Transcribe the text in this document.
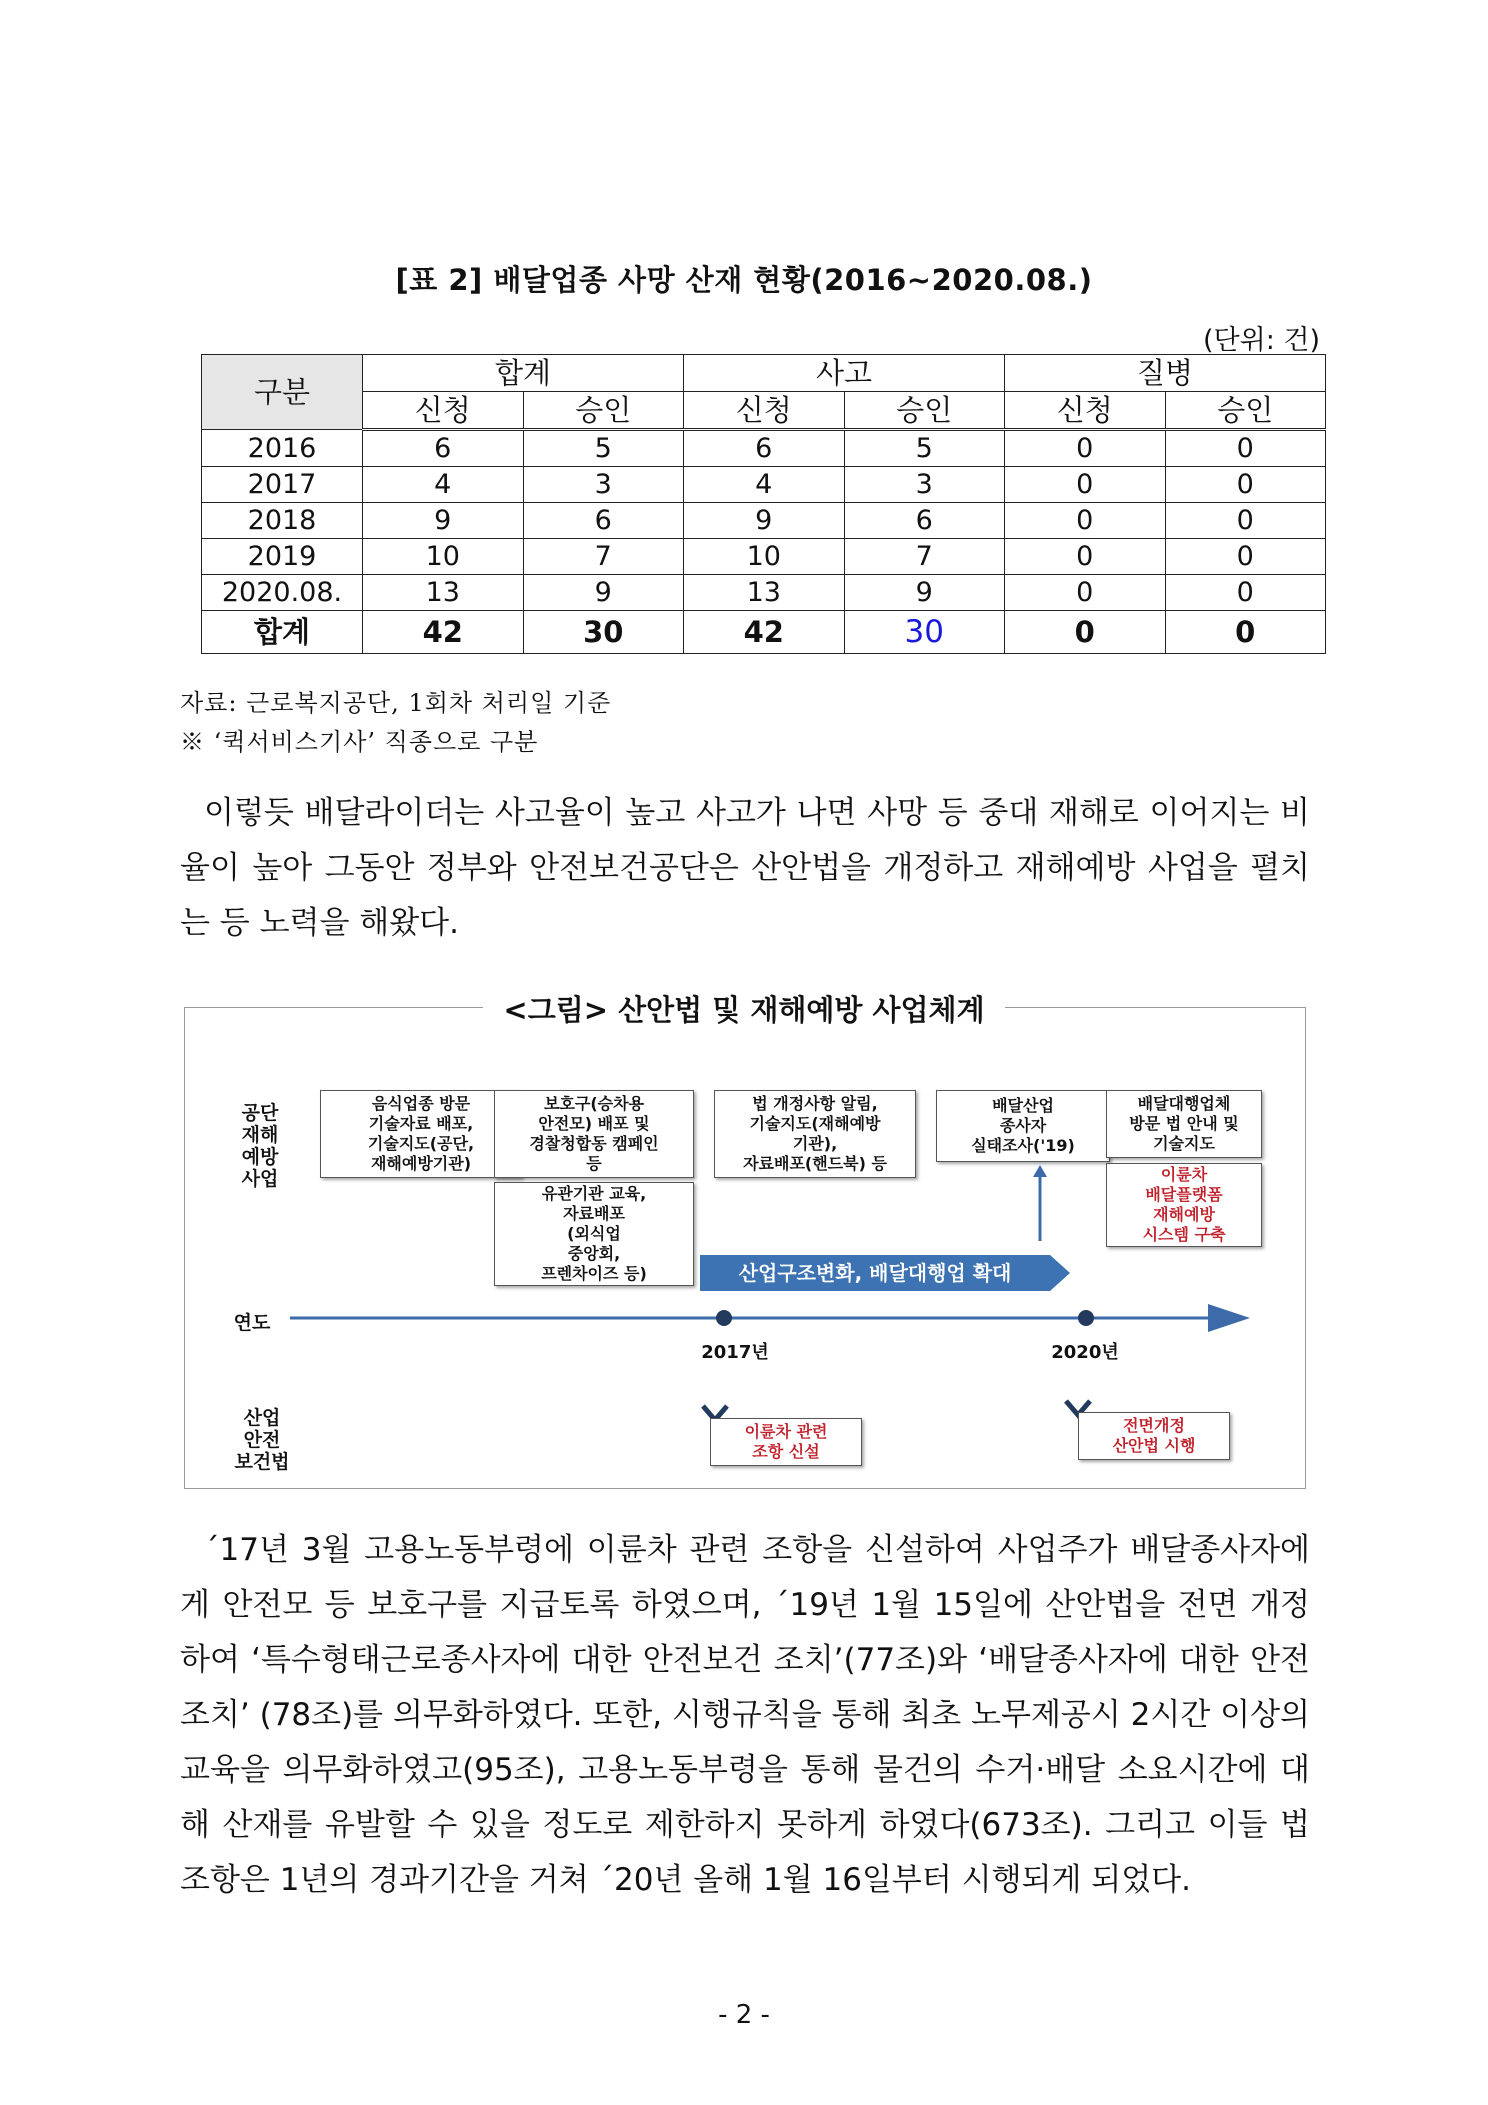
[표 2] 배달업종 사망 산재 현황(2016∼2020.08.)
(단위: 건)
구분	합계		사고		질병	
	신청	승인	신청	승인	신청	승인
2016	6	5	6	5	0	0
2017	4	3	4	3	0	0
2018	9	6	9	6	0	0
2019	10	7	10	7	0	0
2020.08.	13	9	13	9	0	0
합계	42	30	42	30	0	0
자료: 근로복지공단, 1회차 처리일 기준
※ ‘퀵서비스기사’ 직종으로 구분

이렇듯 배달라이더는 사고율이 높고 사고가 나면 사망 등 중대 재해로 이어지는 비율이 높아 그동안 정부와 안전보건공단은 산안법을 개정하고 재해예방 사업을 펼치는 등 노력을 해왔다.

<그림> 산안법 및 재해예방 사업체계
공단
재해
예방
사업
연도
산업
안전
보건법
음식업종 방문
기술자료 배포,
기술지도(공단,
재해예방기관)
보호구(승차용
안전모) 배포 및
경찰청합동 캠페인
등
유관기관 교육,
자료배포
(외식업
중앙회,
프렌차이즈 등)
법 개정사항 알림,
기술지도(재해예방
기관),
자료배포(핸드북) 등
배달산업
종사자
실태조사('19)
배달대행업체
방문 법 안내 및
기술지도
이륜차
배달플랫폼
재해예방
시스템 구축
산업구조변화, 배달대행업 확대
2017년	2020년
이륜차 관련
조항 신설
전면개정
산안법 시행

´17년 3월 고용노동부령에 이륜차 관련 조항을 신설하여 사업주가 배달종사자에게 안전모 등 보호구를 지급토록 하였으며, ´19년 1월 15일에 산안법을 전면 개정하여 ‘특수형태근로종사자에 대한 안전보건 조치’(77조)와 ‘배달종사자에 대한 안전조치’ (78조)를 의무화하였다. 또한, 시행규칙을 통해 최초 노무제공시 2시간 이상의 교육을 의무화하였고(95조), 고용노동부령을 통해 물건의 수거·배달 소요시간에 대해 산재를 유발할 수 있을 정도로 제한하지 못하게 하였다(673조). 그리고 이들 법 조항은 1년의 경과기간을 거쳐 ´20년 올해 1월 16일부터 시행되게 되었다.

- 2 -
